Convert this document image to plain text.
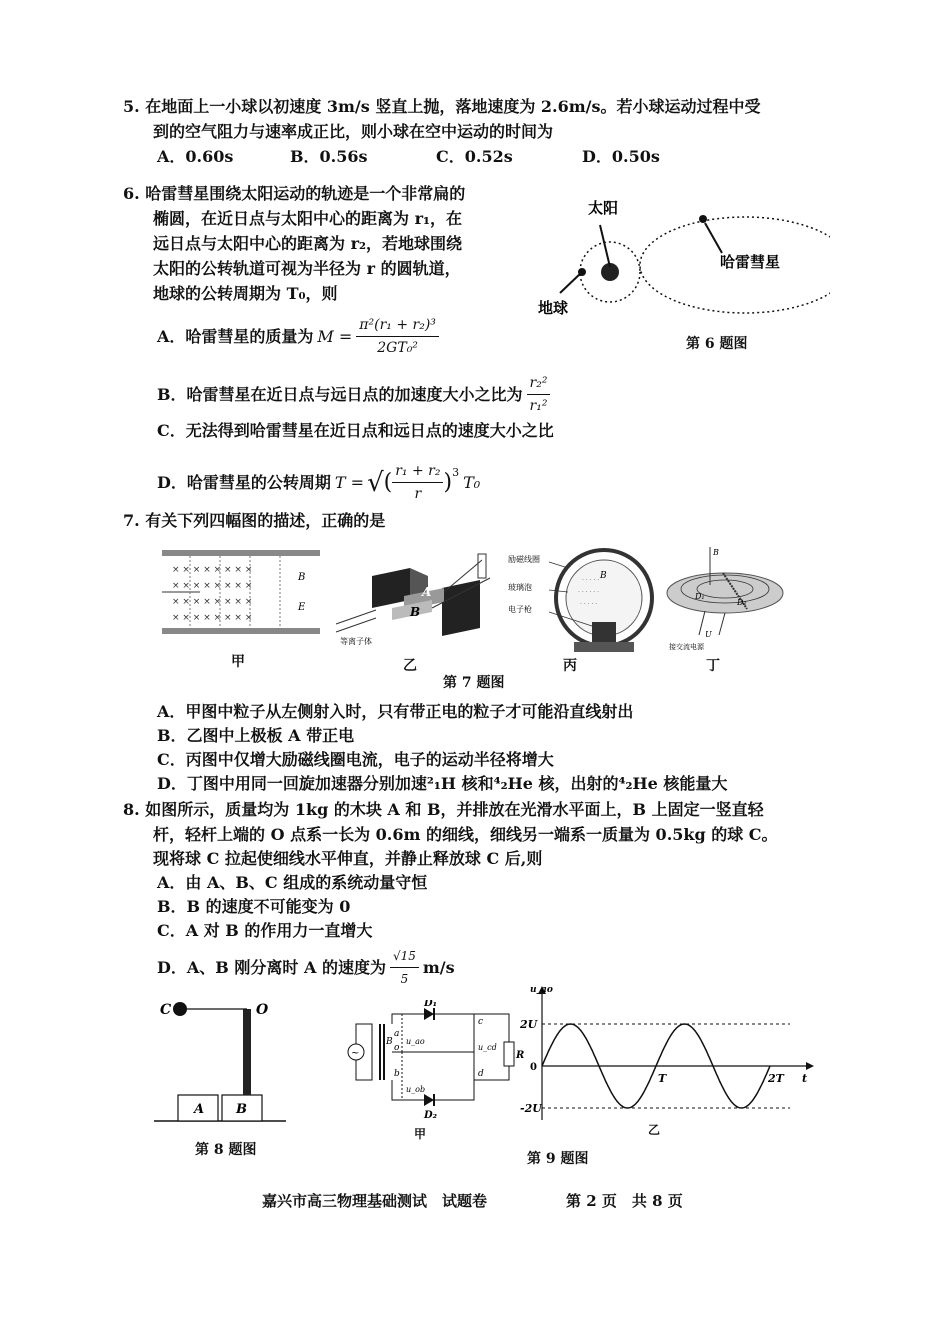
5. 在地面上一小球以初速度 3m/s 竖直上抛，落地速度为 2.6m/s。若小球运动过程中受
到的空气阻力与速率成正比，则小球在空中运动的时间为
A．0.60s	B．0.56s	C．0.52s	D．0.50s
6. 哈雷彗星围绕太阳运动的轨迹是一个非常扁的
椭圆，在近日点与太阳中心的距离为 r₁，在
远日点与太阳中心的距离为 r₂，若地球围绕
太阳的公转轨道可视为半径为 r 的圆轨道，
地球的公转周期为 T₀，则
A．哈雷彗星的质量为 $M = \frac{\text{π²(r₁ + r₂)³}}{\text{2GT₀²}}$
B．哈雷彗星在近日点与远日点的加速度大小之比为 $\frac{\text{r₂²}}{\text{r₁²}}$
C．无法得到哈雷彗星在近日点和远日点的速度大小之比
D．哈雷彗星的公转周期 T = √ ( $\frac{\text{r₁ + r₂}}{r}$ ) 3
T₀
太阳
哈雷彗星
地球
第 6 题图
7. 有关下列四幅图的描述，正确的是
× × × × × × × ×
× × × × × × × ×
× × × × × × × ×
× × × × × × × ×
B
E
甲
A
B
等离子体
乙
· · · · ·
· · · · · ·
· · · · ·
励磁线圈
玻璃泡
电子枪
B
丙
B
D₁
D₂
U
接交流电源
丁
第 7 题图
A．甲图中粒子从左侧射入时，只有带正电的粒子才可能沿直线射出
B．乙图中上极板 A 带正电
C．丙图中仅增大励磁线圈电流，电子的运动半径将增大
D．丁图中用同一回旋加速器分别加速²₁H 核和⁴₂He 核，出射的⁴₂He 核能量大
8. 如图所示，质量均为 1kg 的木块 A 和 B，并排放在光滑水平面上，B 上固定一竖直轻
杆，轻杆上端的 O 点系一长为 0.6m 的细线，细线另一端系一质量为 0.5kg 的球 C。
现将球 C 拉起使细线水平伸直，并静止释放球 C 后,则
A．由 A、B、C 组成的系统动量守恒
B．B 的速度不可能变为 0
C．A 对 B 的作用力一直增大
D．A、B 刚分离时 A 的速度为 $\frac{√15}{5} m/s$
C	O
A B
第 8 题图
~
D₁
D₂
c
d
a
o
b
B
R
u_ao
u_cd
u_ob
甲
u_ao
2U
0
-2U
T	2T t
乙
第 9 题图
嘉兴市高三物理基础测试　试题卷	第 2 页　共 8 页
